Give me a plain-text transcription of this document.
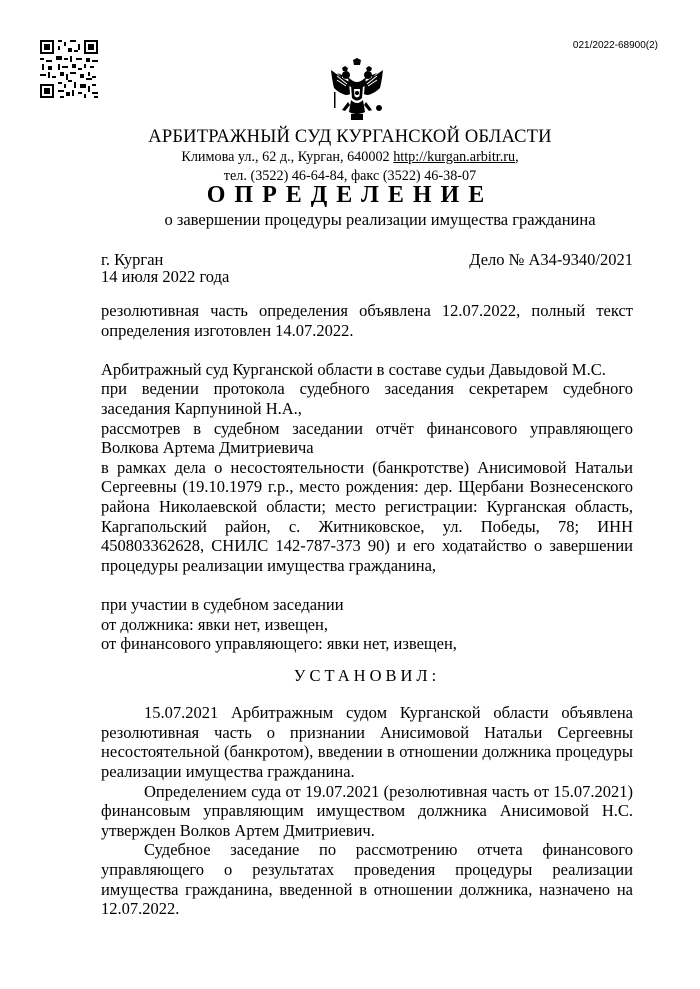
021/2022-68900(2)
АРБИТРАЖНЫЙ СУД КУРГАНСКОЙ ОБЛАСТИ
Климова ул., 62 д., Курган, 640002 http://kurgan.arbitr.ru,
тел. (3522) 46-64-84, факс (3522) 46-38-07
ОПРЕДЕЛЕНИЕ
о завершении процедуры реализации имущества гражданина
г. Курган
14 июля 2022 года
Дело № А34-9340/2021

резолютивная часть определения объявлена 12.07.2022, полный текст определения изготовлен 14.07.2022.

Арбитражный суд Курганской области в составе судьи Давыдовой М.С.

при ведении протокола судебного заседания секретарем судебного заседания Карпуниной Н.А.,

рассмотрев в судебном заседании отчёт финансового управляющего Волкова Артема Дмитриевича

в рамках дела о несостоятельности (банкротстве) Анисимовой Натальи Сергеевны (19.10.1979 г.р., место рождения: дер. Щербани Вознесенского района Николаевской области; место регистрации: Курганская область, Каргапольский район, с. Житниковское, ул. Победы, 78; ИНН 450803362628, СНИЛС 142-787-373 90) и его ходатайство о завершении процедуры реализации имущества гражданина,

при участии в судебном заседании

от должника: явки нет, извещен,

от финансового управляющего: явки нет, извещен,

УСТАНОВИЛ:

15.07.2021 Арбитражным судом Курганской области объявлена резолютивная часть о признании Анисимовой Натальи Сергеевны несостоятельной (банкротом), введении в отношении должника процедуры реализации имущества гражданина.

Определением суда от 19.07.2021 (резолютивная часть от 15.07.2021) финансовым управляющим имуществом должника Анисимовой Н.С. утвержден Волков Артем Дмитриевич.

Судебное заседание по рассмотрению отчета финансового управляющего о результатах проведения процедуры реализации имущества гражданина, введенной в отношении должника, назначено на 12.07.2022.
